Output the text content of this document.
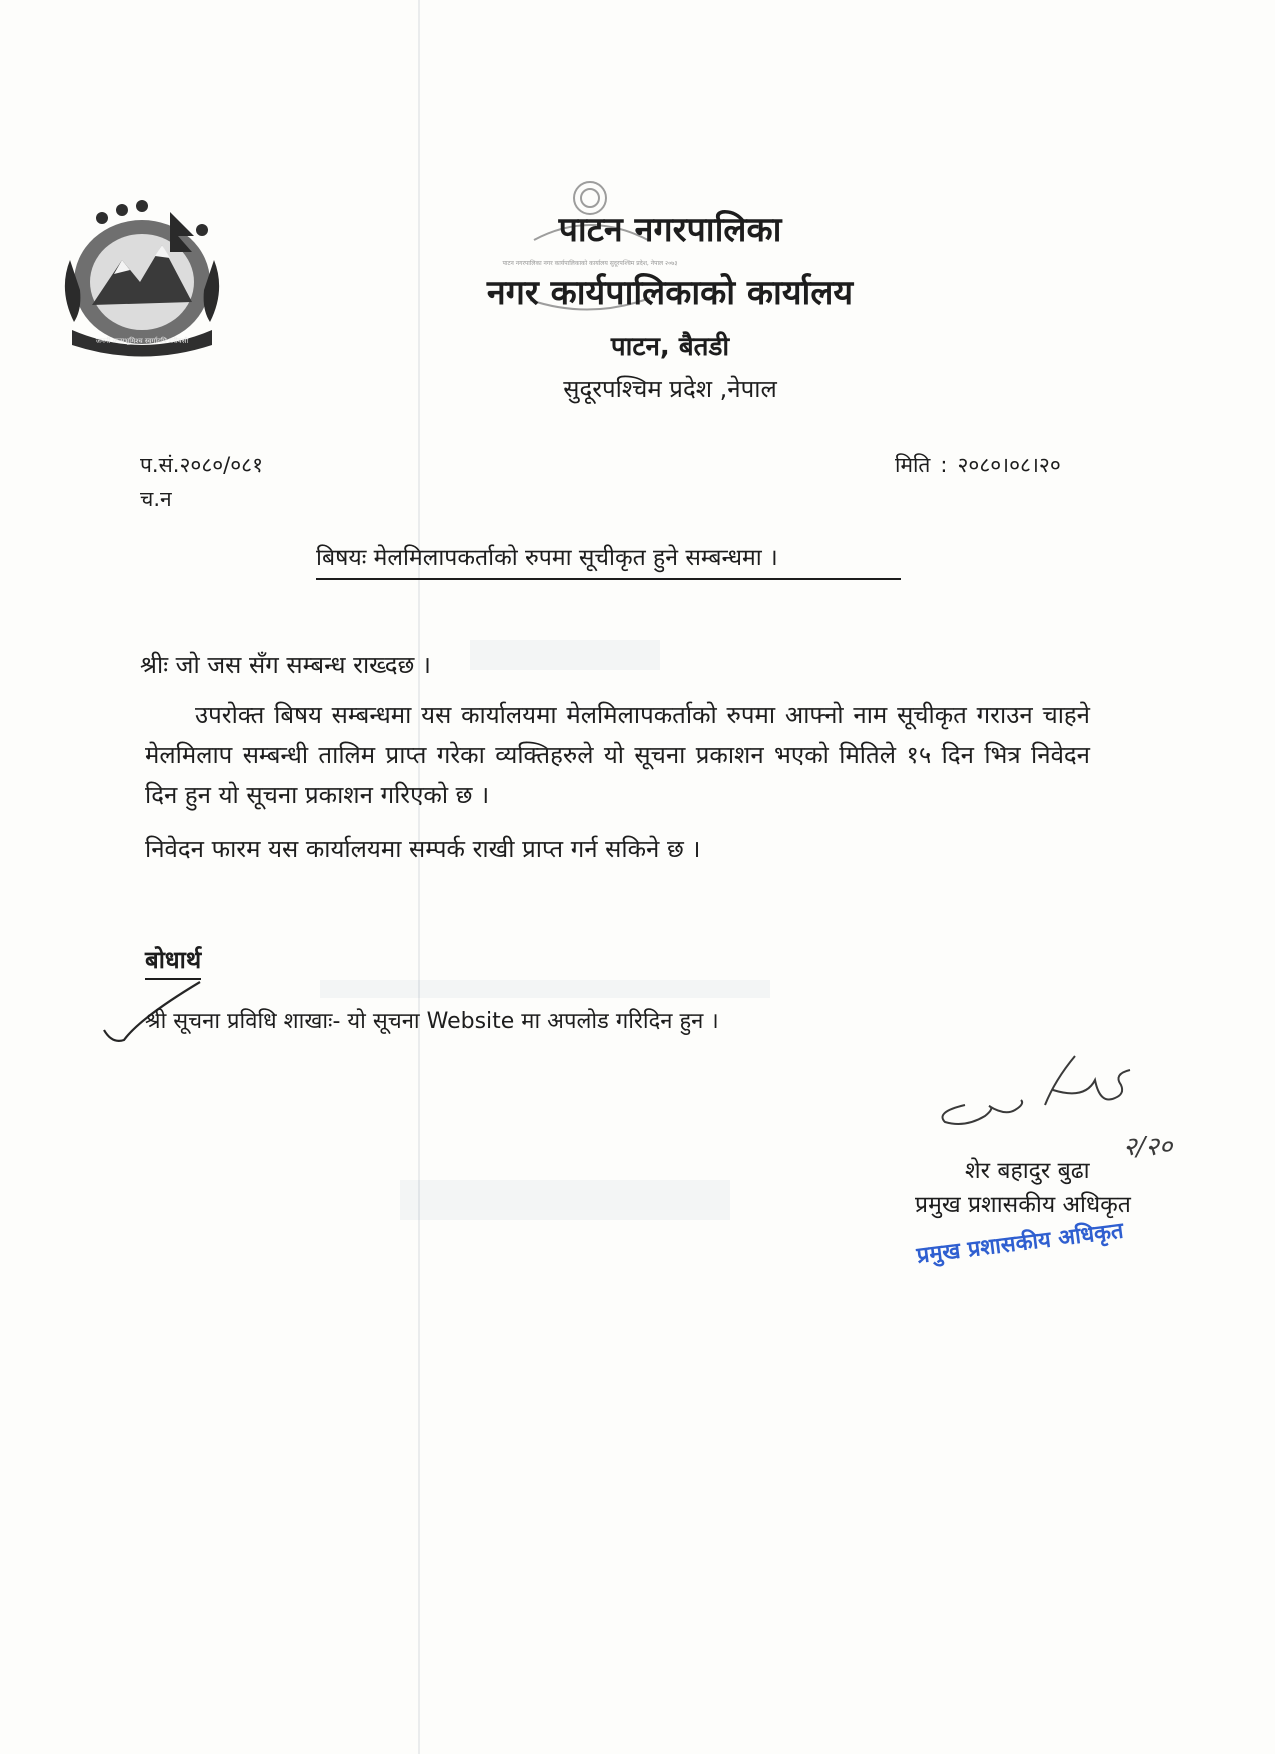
जननी जन्मभूमिश्च स्वर्गादपि गरीयसी
पाटन नगरपालिका नगर कार्यपालिकाको कार्यालय सुदूरपश्चिम प्रदेश, नेपाल २०७३
पाटन नगरपालिका
नगर कार्यपालिकाको कार्यालय
पाटन, बैतडी
सुदूरपश्चिम प्रदेश ,नेपाल
प.सं.२०८०/०८१
च.न
मिति : २०८०।०८।२०
बिषयः मेलमिलापकर्ताको रुपमा सूचीकृत हुने सम्बन्धमा ।
श्रीः जो जस सँग सम्बन्ध राख्दछ ।

उपरोक्त बिषय सम्बन्धमा यस कार्यालयमा मेलमिलापकर्ताको रुपमा आफ्नो नाम सूचीकृत गराउन चाहने मेलमिलाप सम्बन्धी तालिम प्राप्त गरेका व्यक्तिहरुले यो सूचना प्रकाशन भएको मितिले १५ दिन भित्र निवेदन दिन हुन यो सूचना प्रकाशन गरिएको छ ।

निवेदन फारम यस कार्यालयमा सम्पर्क राखी प्राप्त गर्न सकिने छ ।
बोधार्थ
श्री सूचना प्रविधि शाखाः- यो सूचना Website मा अपलोड गरिदिन हुन ।
२/२०
शेर बहादुर बुढा
प्रमुख प्रशासकीय अधिकृत
प्रमुख प्रशासकीय अधिकृत
